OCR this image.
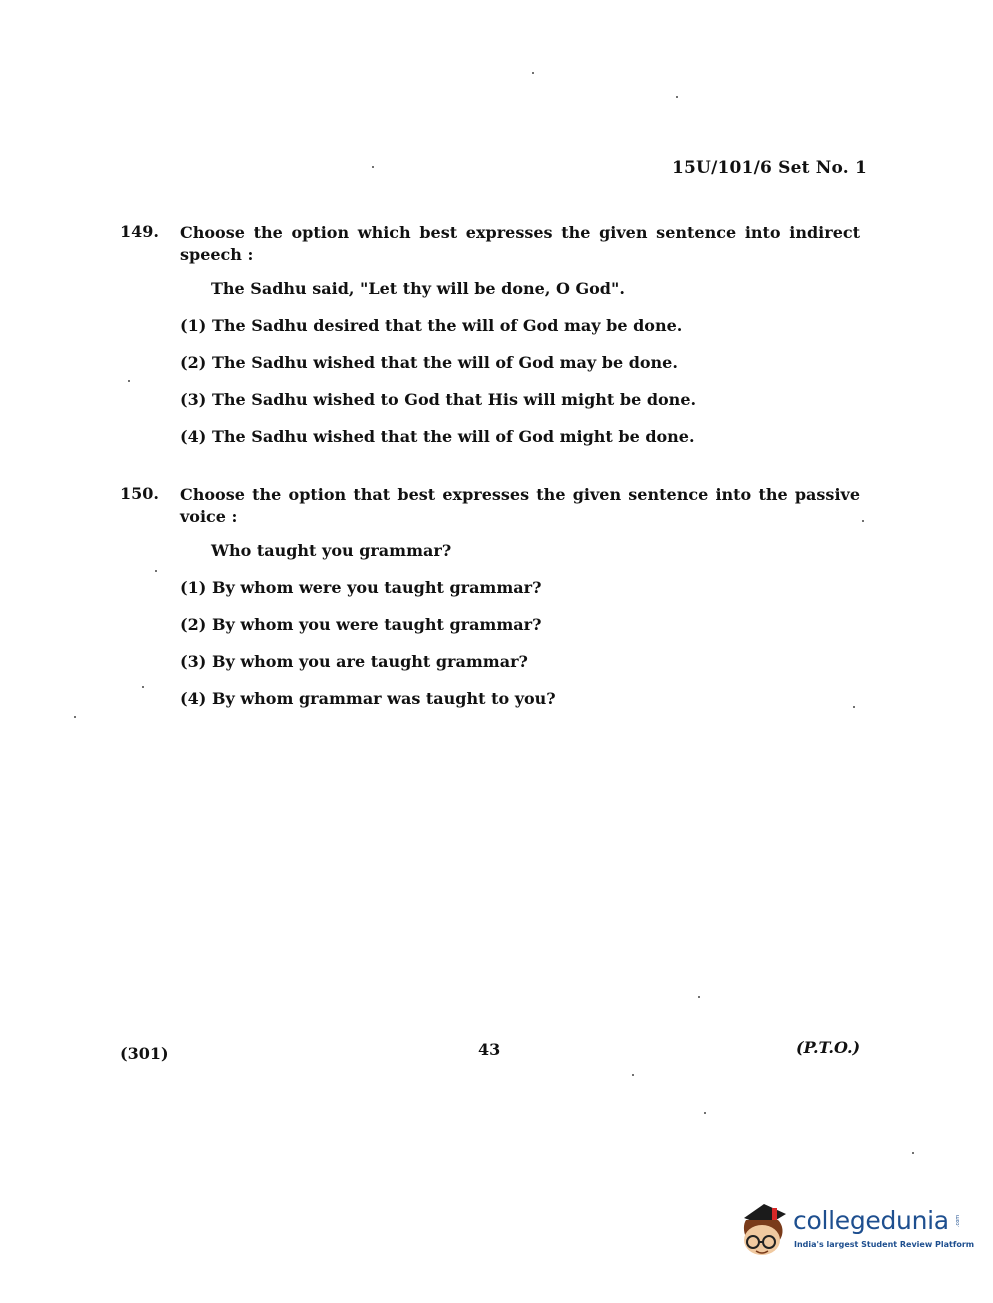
15U/101/6 Set No. 1
149. Choose the option which best expresses the given sentence into indirect speech :
The Sadhu said, "Let thy will be done, O God".
(1) The Sadhu desired that the will of God may be done.
(2) The Sadhu wished that the will of God may be done.
(3) The Sadhu wished to God that His will might be done.
(4) The Sadhu wished that the will of God might be done.
150. Choose the option that best expresses the given sentence into the passive voice :
Who taught you grammar?
(1) By whom were you taught grammar?
(2) By whom you were taught grammar?
(3) By whom you are taught grammar?
(4) By whom grammar was taught to you?
(301)	43	(P.T.O.)
collegedunia .com
India's largest Student Review Platform
